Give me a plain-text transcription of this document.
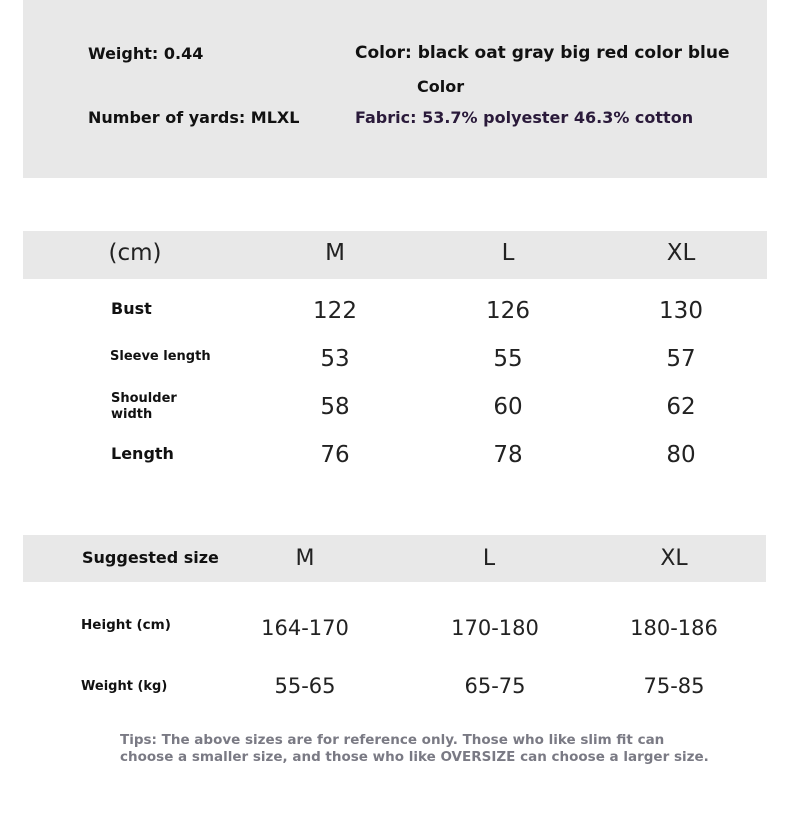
Weight: 0.44	Color: black oat gray big red color blue
Color
Number of yards: MLXL	Fabric: 53.7% polyester 46.3% cotton
(cm)	M	L	XL
Bust	122	126	130
Sleeve length	53	55	57
Shoulder
width	58	60	62
Length	76	78	80
Suggested size	M	L	XL
Height (cm)	164-170	170-180	180-186
Weight (kg)	55-65	65-75	75-85
Tips: The above sizes are for reference only. Those who like slim fit can choose a smaller size, and those who like OVERSIZE can choose a larger size.
